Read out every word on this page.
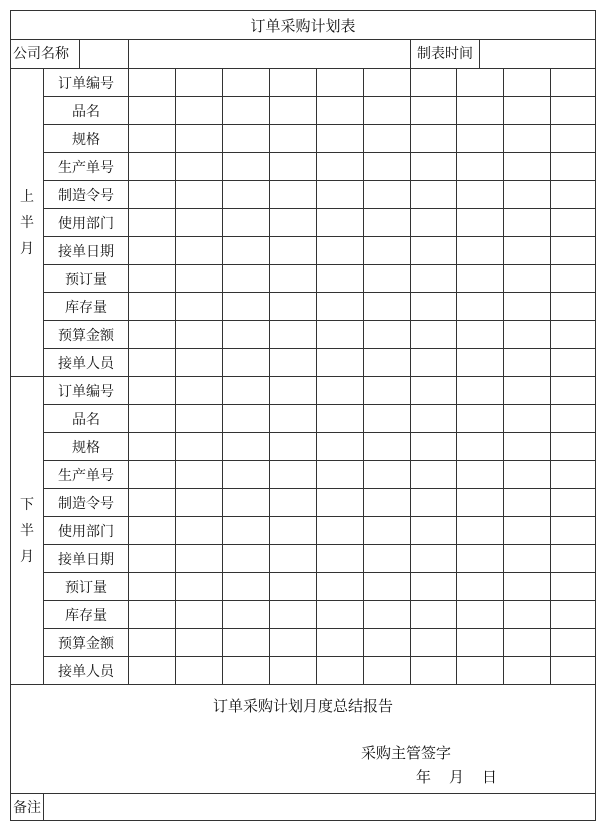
订单采购计划表											

公司名称								制表时间			

上
半
月	订单编号										
	品名										
	规格										
	生产单号										
	制造令号										
	使用部门										
	接单日期										
	预订量										
	库存量										
	预算金额										
	接单人员										

下
半
月	订单编号										
	品名										
	规格										
	生产单号										
	制造令号										
	使用部门										
	接单日期										
	预订量										
	库存量										
	预算金额										
	接单人员										

订单采购计划月度总结报告
采购主管签字
年 月 日											

备注											
